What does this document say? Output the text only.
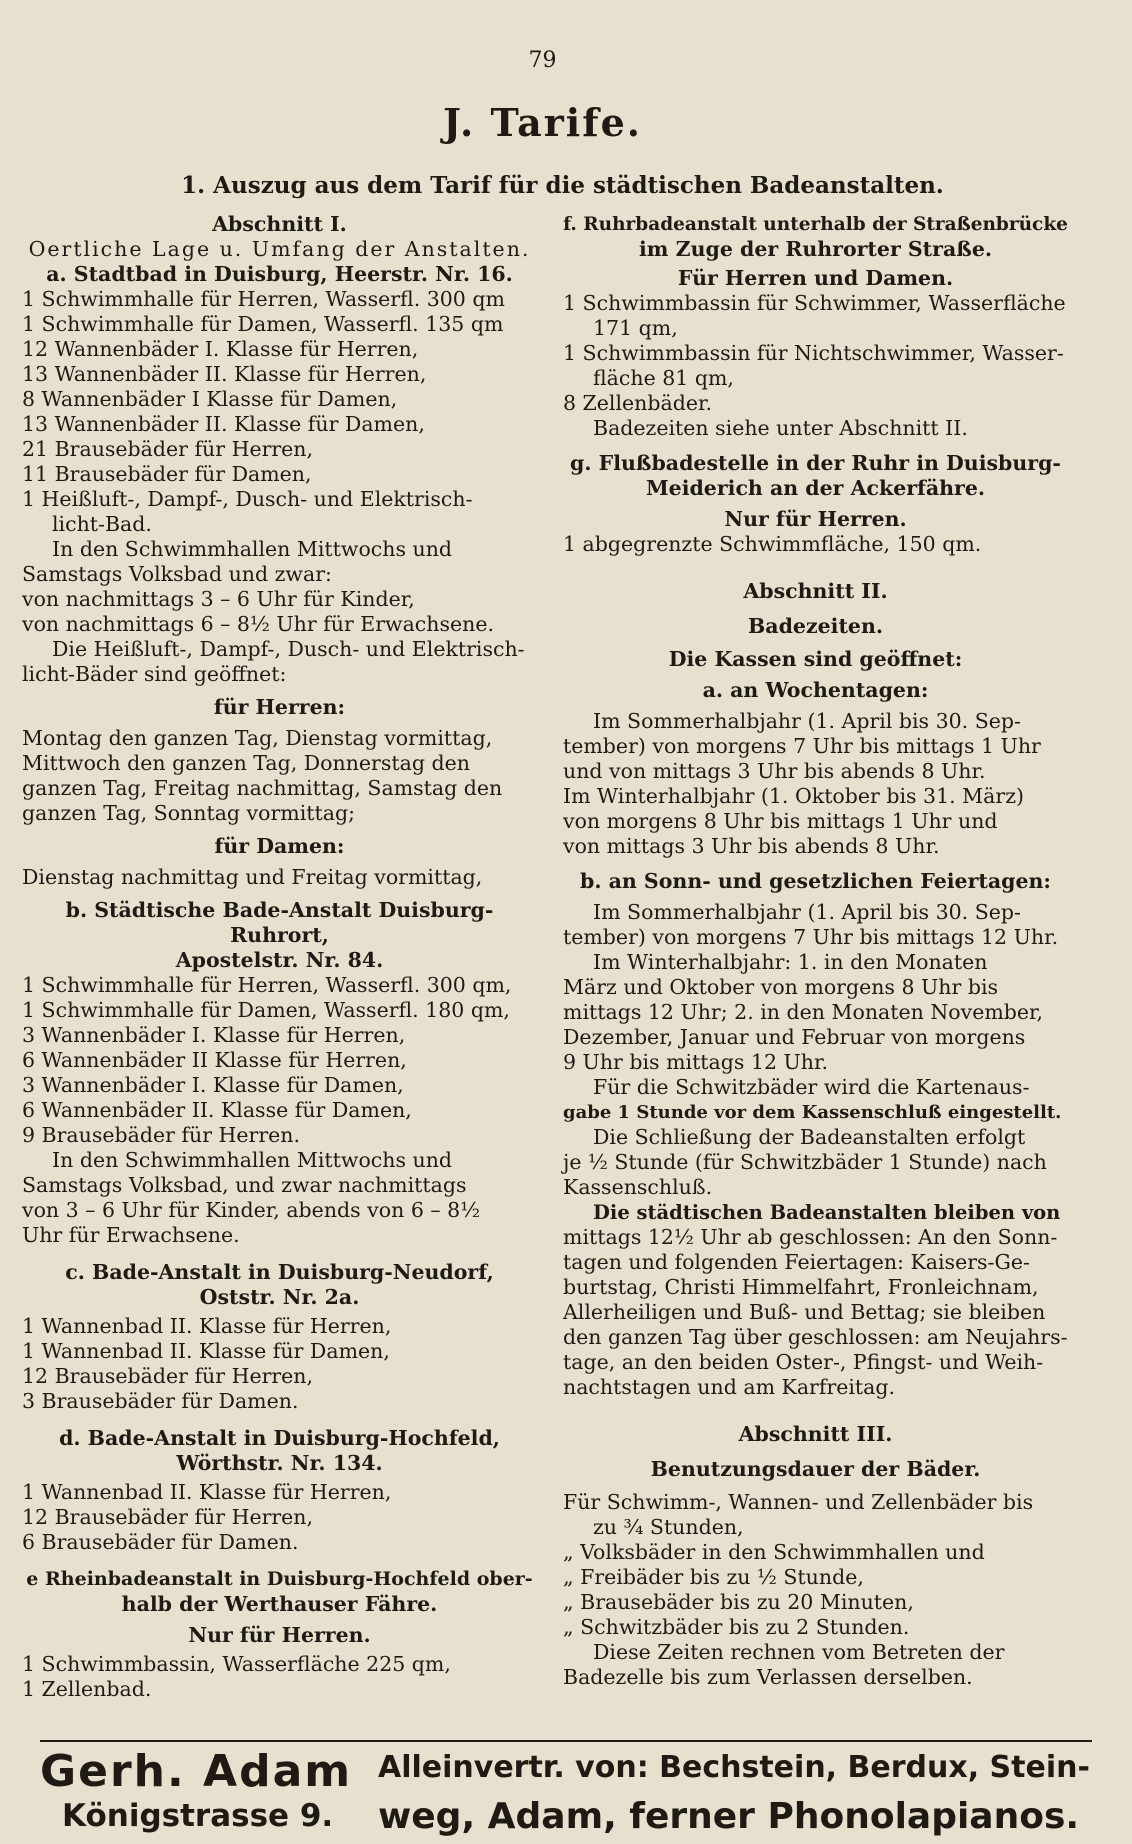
79
J. Tarife.
1. Auszug aus dem Tarif für die städtischen Badeanstalten.
Abschnitt I.
Oertliche Lage u. Umfang der Anstalten.
a. Stadtbad in Duisburg, Heerstr. Nr. 16.
1 Schwimmhalle für Herren, Wasserfl. 300 qm
1 Schwimmhalle für Damen, Wasserfl. 135 qm
12 Wannenbäder I. Klasse für Herren,
13 Wannenbäder II. Klasse für Herren,
8 Wannenbäder I Klasse für Damen,
13 Wannenbäder II. Klasse für Damen,
21 Brausebäder für Herren,
11 Brausebäder für Damen,
1 Heißluft-, Dampf-, Dusch- und Elektrisch-
licht-Bad.
In den Schwimmhallen Mittwochs und
Samstags Volksbad und zwar:
von nachmittags 3 – 6 Uhr für Kinder,
von nachmittags 6 – 8½ Uhr für Erwachsene.
Die Heißluft-, Dampf-, Dusch- und Elektrisch-
licht-Bäder sind geöffnet:
für Herren:
Montag den ganzen Tag, Dienstag vormittag,
Mittwoch den ganzen Tag, Donnerstag den
ganzen Tag, Freitag nachmittag, Samstag den
ganzen Tag, Sonntag vormittag;
für Damen:
Dienstag nachmittag und Freitag vormittag,
b. Städtische Bade-Anstalt Duisburg-Ruhrort,
Apostelstr. Nr. 84.
1 Schwimmhalle für Herren, Wasserfl. 300 qm,
1 Schwimmhalle für Damen, Wasserfl. 180 qm,
3 Wannenbäder I. Klasse für Herren,
6 Wannenbäder II Klasse für Herren,
3 Wannenbäder I. Klasse für Damen,
6 Wannenbäder II. Klasse für Damen,
9 Brausebäder für Herren.
In den Schwimmhallen Mittwochs und
Samstags Volksbad, und zwar nachmittags
von 3 – 6 Uhr für Kinder, abends von 6 – 8½
Uhr für Erwachsene.
c. Bade-Anstalt in Duisburg-Neudorf,
Oststr. Nr. 2a.
1 Wannenbad II. Klasse für Herren,
1 Wannenbad II. Klasse für Damen,
12 Brausebäder für Herren,
3 Brausebäder für Damen.
d. Bade-Anstalt in Duisburg-Hochfeld,
Wörthstr. Nr. 134.
1 Wannenbad II. Klasse für Herren,
12 Brausebäder für Herren,
6 Brausebäder für Damen.
e Rheinbadeanstalt in Duisburg-Hochfeld ober-
halb der Werthauser Fähre.
Nur für Herren.
1 Schwimmbassin, Wasserfläche 225 qm,
1 Zellenbad.
f. Ruhrbadeanstalt unterhalb der Straßenbrücke
im Zuge der Ruhrorter Straße.
Für Herren und Damen.
1 Schwimmbassin für Schwimmer, Wasserfläche
171 qm,
1 Schwimmbassin für Nichtschwimmer, Wasser-
fläche 81 qm,
8 Zellenbäder.
Badezeiten siehe unter Abschnitt II.
g. Flußbadestelle in der Ruhr in Duisburg-
Meiderich an der Ackerfähre.
Nur für Herren.
1 abgegrenzte Schwimmfläche, 150 qm.
Abschnitt II.
Badezeiten.
Die Kassen sind geöffnet:
a. an Wochentagen:
Im Sommerhalbjahr (1. April bis 30. Sep-
tember) von morgens 7 Uhr bis mittags 1 Uhr
und von mittags 3 Uhr bis abends 8 Uhr.
Im Winterhalbjahr (1. Oktober bis 31. März)
von morgens 8 Uhr bis mittags 1 Uhr und
von mittags 3 Uhr bis abends 8 Uhr.
b. an Sonn- und gesetzlichen Feiertagen:
Im Sommerhalbjahr (1. April bis 30. Sep-
tember) von morgens 7 Uhr bis mittags 12 Uhr.
Im Winterhalbjahr: 1. in den Monaten
März und Oktober von morgens 8 Uhr bis
mittags 12 Uhr; 2. in den Monaten November,
Dezember, Januar und Februar von morgens
9 Uhr bis mittags 12 Uhr.
Für die Schwitzbäder wird die Kartenaus-
gabe 1 Stunde vor dem Kassenschluß eingestellt.
Die Schließung der Badeanstalten erfolgt
je ½ Stunde (für Schwitzbäder 1 Stunde) nach
Kassenschluß.
Die städtischen Badeanstalten bleiben von
mittags 12½ Uhr ab geschlossen: An den Sonn-
tagen und folgenden Feiertagen: Kaisers-Ge-
burtstag, Christi Himmelfahrt, Fronleichnam,
Allerheiligen und Buß- und Bettag; sie bleiben
den ganzen Tag über geschlossen: am Neujahrs-
tage, an den beiden Oster-, Pfingst- und Weih-
nachtstagen und am Karfreitag.
Abschnitt III.
Benutzungsdauer der Bäder.
Für Schwimm-, Wannen- und Zellenbäder bis
zu ¾ Stunden,
„ Volksbäder in den Schwimmhallen und
„ Freibäder bis zu ½ Stunde,
„ Brausebäder bis zu 20 Minuten,
„ Schwitzbäder bis zu 2 Stunden.
Diese Zeiten rechnen vom Betreten der
Badezelle bis zum Verlassen derselben.
Gerh. Adam Alleinvertr. von: Bechstein, Berdux, Stein-
Königstrasse 9. weg, Adam, ferner Phonolapianos.
